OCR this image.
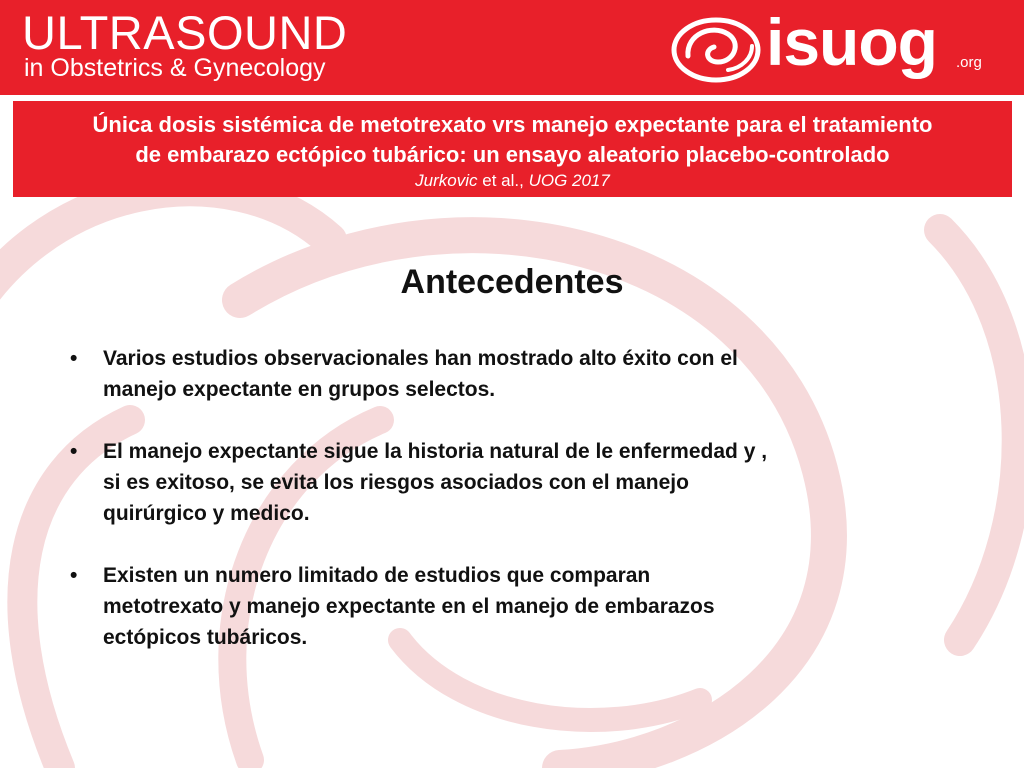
ULTRASOUND
in Obstetrics & Gynecology	isuog .org
Única dosis sistémica de metotrexato vrs manejo expectante para el tratamiento
de embarazo ectópico tubárico: un ensayo aleatorio placebo-controlado
Jurkovic et al., UOG 2017
Antecedentes
• Varios estudios observacionales han mostrado alto éxito con el
manejo expectante en grupos selectos.
• El manejo expectante sigue la historia natural de le enfermedad y ,
si es exitoso, se evita los riesgos asociados con el manejo
quirúrgico y medico.
• Existen un numero limitado de estudios que comparan
metotrexato y manejo expectante en el manejo de embarazos
ectópicos tubáricos.
